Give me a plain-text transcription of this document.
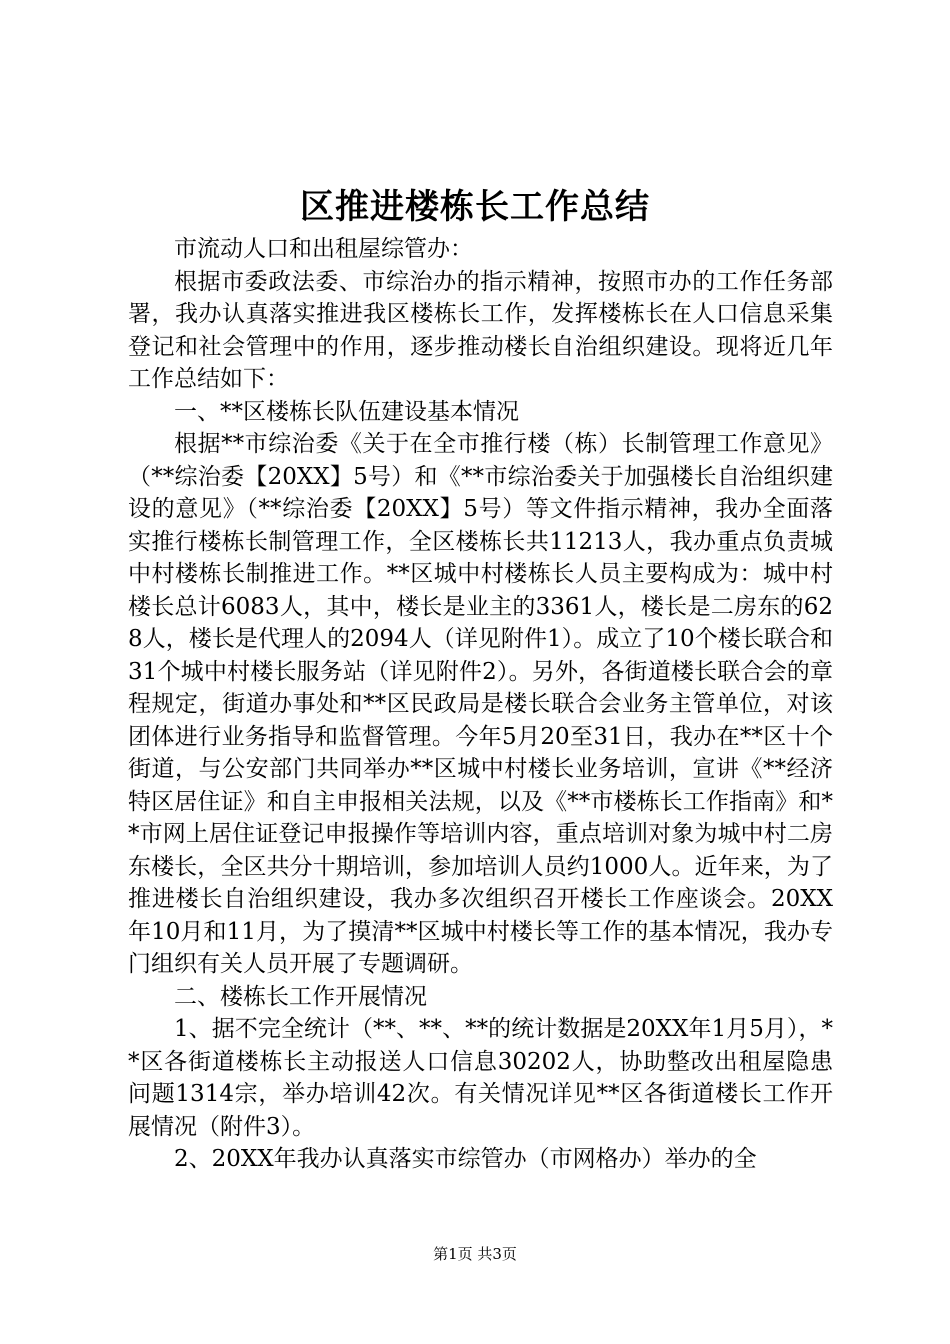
区推进楼栋长工作总结

市流动人口和出租屋综管办：

根据市委政法委、市综治办的指示精神，按照市办的工作任务部署，我办认真落实推进我区楼栋长工作，发挥楼栋长在人口信息采集登记和社会管理中的作用，逐步推动楼长自治组织建设。现将近几年工作总结如下：

一、**区楼栋长队伍建设基本情况

根据**市综治委《关于在全市推行楼（栋）长制管理工作意见》（**综治委【20XX】5号）和《**市综治委关于加强楼长自治组织建设的意见》（**综治委【20XX】5号）等文件指示精神，我办全面落实推行楼栋长制管理工作，全区楼栋长共11213人，我办重点负责城中村楼栋长制推进工作。**区城中村楼栋长人员主要构成为：城中村楼长总计6083人，其中，楼长是业主的3361人，楼长是二房东的628人，楼长是代理人的2094人（详见附件1）。成立了10个楼长联合和31个城中村楼长服务站（详见附件2）。另外，各街道楼长联合会的章程规定，街道办事处和**区民政局是楼长联合会业务主管单位，对该团体进行业务指导和监督管理。今年5月20至31日，我办在**区十个街道，与公安部门共同举办**区城中村楼长业务培训，宣讲《**经济特区居住证》和自主申报相关法规，以及《**市楼栋长工作指南》和**市网上居住证登记申报操作等培训内容，重点培训对象为城中村二房东楼长，全区共分十期培训，参加培训人员约1000人。近年来，为了推进楼长自治组织建设，我办多次组织召开楼长工作座谈会。20XX年10月和11月，为了摸清**区城中村楼长等工作的基本情况，我办专门组织有关人员开展了专题调研。

二、楼栋长工作开展情况

1、据不完全统计（**、**、**的统计数据是20XX年1月5月），**区各街道楼栋长主动报送人口信息30202人，协助整改出租屋隐患问题1314宗，举办培训42次。有关情况详见**区各街道楼长工作开展情况（附件3）。

2、20XX年我办认真落实市综管办（市网格办）举办的全

第1页 共3页
